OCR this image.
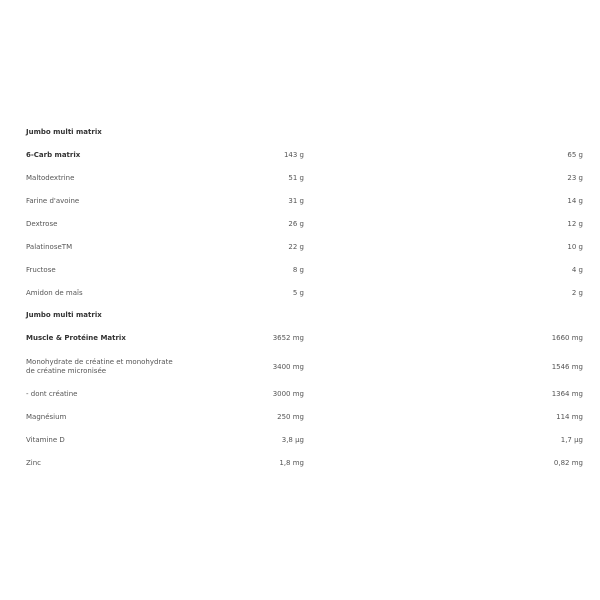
Jumbo multi matrix
6-Carb matrix	143 g	65 g
Maltodextrine	51 g	23 g
Farine d'avoine	31 g	14 g
Dextrose	26 g	12 g
PalatinoseTM	22 g	10 g
Fructose	8 g	4 g
Amidon de maïs	5 g	2 g
Jumbo multi matrix
Muscle & Protéine Matrix	3652 mg	1660 mg
Monohydrate de créatine et monohydrate de créatine micronisée	3400 mg	1546 mg
- dont créatine	3000 mg	1364 mg
Magnésium	250 mg	114 mg
Vitamine D	3,8 µg	1,7 µg
Zinc	1,8 mg	0,82 mg
